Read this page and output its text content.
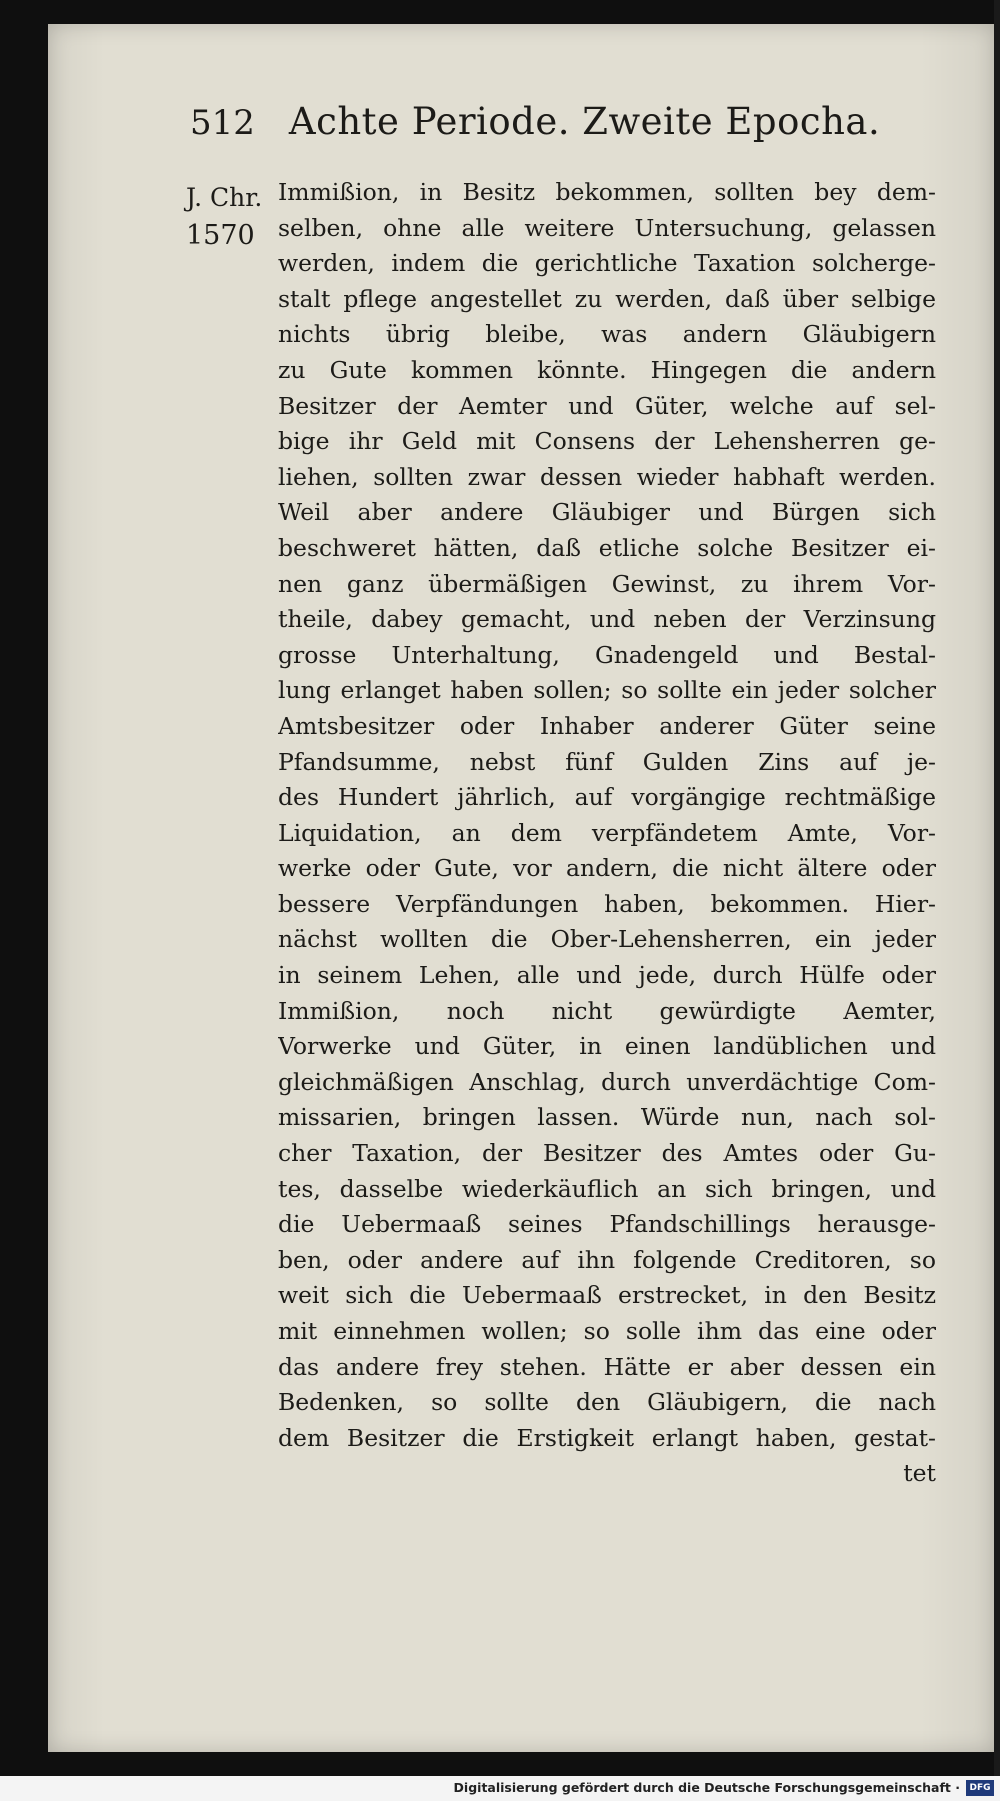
512 Achte Periode. Zweite Epocha.
J. Chr.
1570
Immißion, in Besitz bekommen, sollten bey dem-
selben, ohne alle weitere Untersuchung, gelassen
werden, indem die gerichtliche Taxation solcherge-
stalt pflege angestellet zu werden, daß über selbige
nichts übrig bleibe, was andern Gläubigern
zu Gute kommen könnte. Hingegen die andern
Besitzer der Aemter und Güter, welche auf sel-
bige ihr Geld mit Consens der Lehensherren ge-
liehen, sollten zwar dessen wieder habhaft werden.
Weil aber andere Gläubiger und Bürgen sich
beschweret hätten, daß etliche solche Besitzer ei-
nen ganz übermäßigen Gewinst, zu ihrem Vor-
theile, dabey gemacht, und neben der Verzinsung
grosse Unterhaltung, Gnadengeld und Bestal-
lung erlanget haben sollen; so sollte ein jeder solcher
Amtsbesitzer oder Inhaber anderer Güter seine
Pfandsumme, nebst fünf Gulden Zins auf je-
des Hundert jährlich, auf vorgängige rechtmäßige
Liquidation, an dem verpfändetem Amte, Vor-
werke oder Gute, vor andern, die nicht ältere oder
bessere Verpfändungen haben, bekommen. Hier-
nächst wollten die Ober-Lehensherren, ein jeder
in seinem Lehen, alle und jede, durch Hülfe oder
Immißion, noch nicht gewürdigte Aemter,
Vorwerke und Güter, in einen landüblichen und
gleichmäßigen Anschlag, durch unverdächtige Com-
missarien, bringen lassen. Würde nun, nach sol-
cher Taxation, der Besitzer des Amtes oder Gu-
tes, dasselbe wiederkäuflich an sich bringen, und
die Uebermaaß seines Pfandschillings herausge-
ben, oder andere auf ihn folgende Creditoren, so
weit sich die Uebermaaß erstrecket, in den Besitz
mit einnehmen wollen; so solle ihm das eine oder
das andere frey stehen. Hätte er aber dessen ein
Bedenken, so sollte den Gläubigern, die nach
dem Besitzer die Erstigkeit erlangt haben, gestat-
tet
Digitalisierung gefördert durch die Deutsche Forschungsgemeinschaft ·	DFG
